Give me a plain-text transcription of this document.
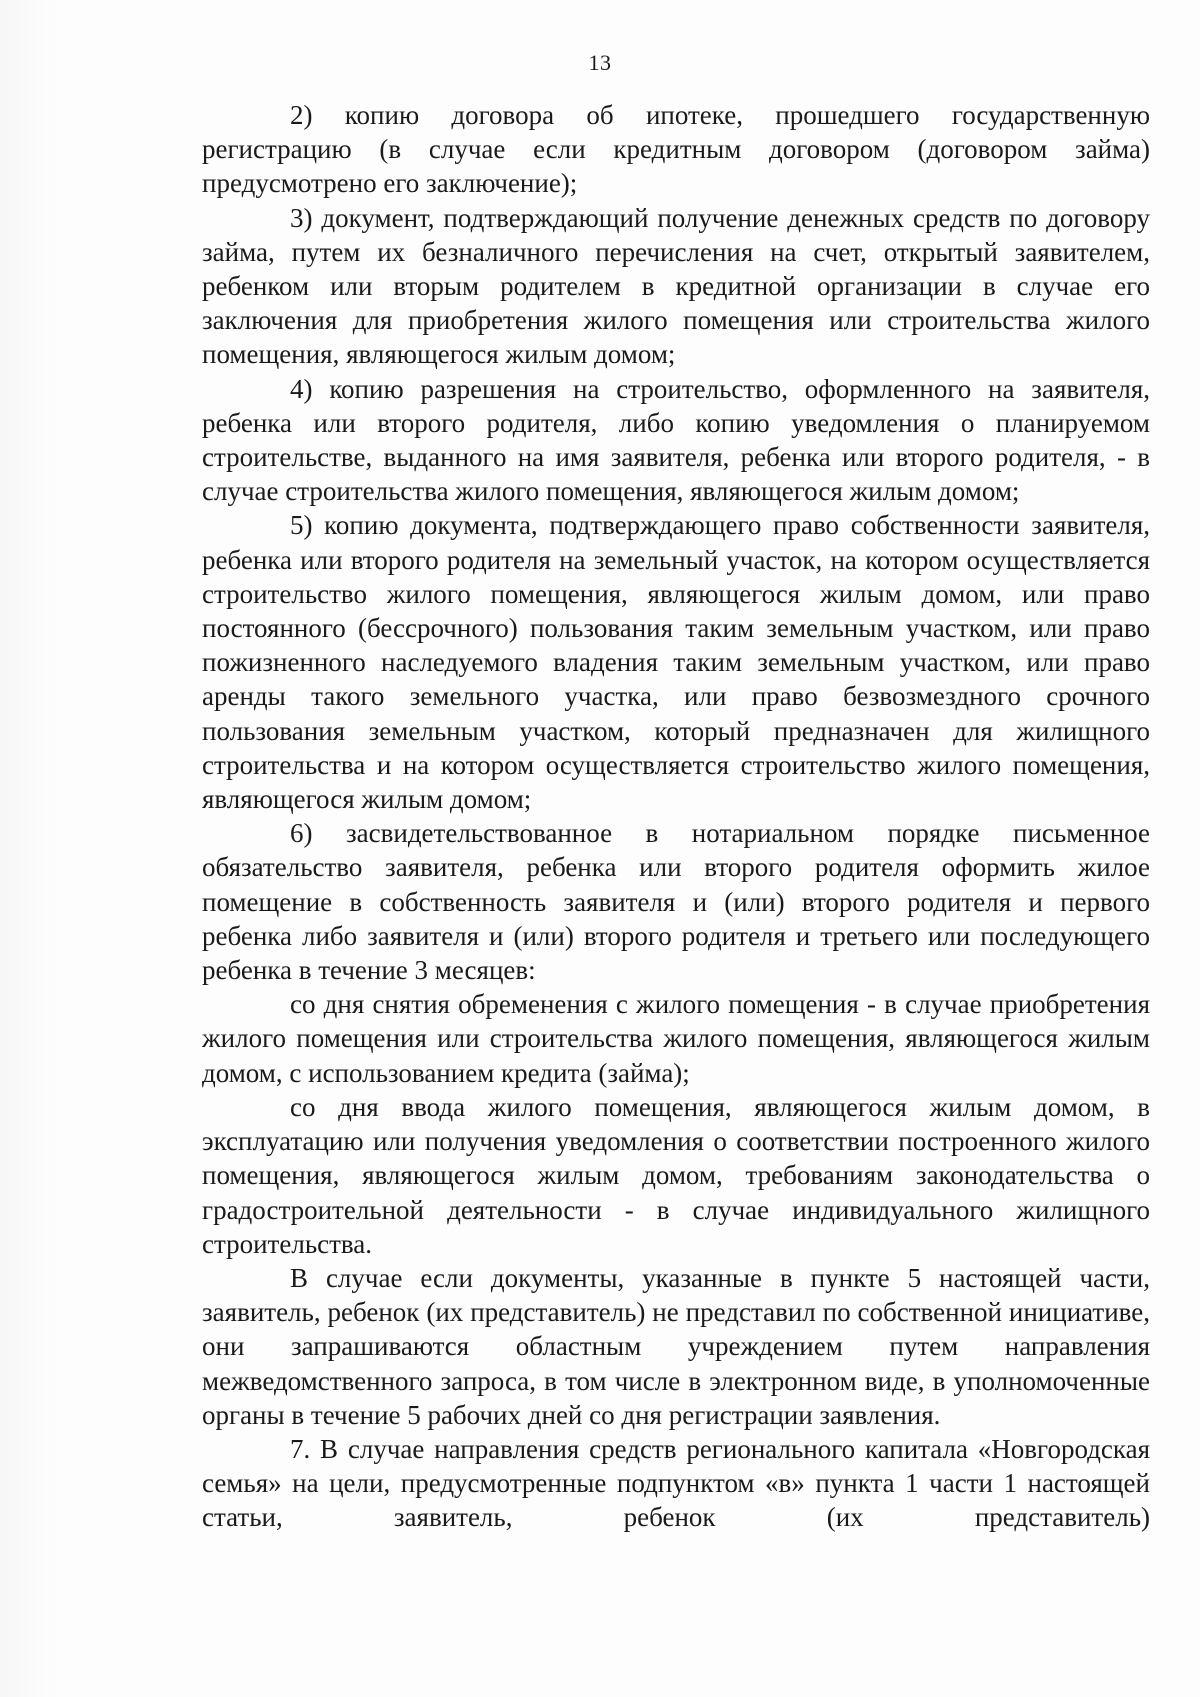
13

2) копию договора об ипотеке, прошедшего государственную регистрацию (в случае если кредитным договором (договором займа) предусмотрено его заключение);

3) документ, подтверждающий получение денежных средств по договору займа, путем их безналичного перечисления на счет, открытый заявителем, ребенком или вторым родителем в кредитной организации в случае его заключения для приобретения жилого помещения или строительства жилого помещения, являющегося жилым домом;

4) копию разрешения на строительство, оформленного на заявителя, ребенка или второго родителя, либо копию уведомления о планируемом строительстве, выданного на имя заявителя, ребенка или второго родителя, - в случае строительства жилого помещения, являющегося жилым домом;

5) копию документа, подтверждающего право собственности заявителя, ребенка или второго родителя на земельный участок, на котором осуществляется строительство жилого помещения, являющегося жилым домом, или право постоянного (бессрочного) пользования таким земельным участком, или право пожизненного наследуемого владения таким земельным участком, или право аренды такого земельного участка, или право безвозмездного срочного пользования земельным участком, который предназначен для жилищного строительства и на котором осуществляется строительство жилого помещения, являющегося жилым домом;

6) засвидетельствованное в нотариальном порядке письменное обязательство заявителя, ребенка или второго родителя оформить жилое помещение в собственность заявителя и (или) второго родителя и первого ребенка либо заявителя и (или) второго родителя и третьего или последующего ребенка в течение 3 месяцев:

со дня снятия обременения с жилого помещения - в случае приобретения жилого помещения или строительства жилого помещения, являющегося жилым домом, с использованием кредита (займа);

со дня ввода жилого помещения, являющегося жилым домом, в эксплуатацию или получения уведомления о соответствии построенного жилого помещения, являющегося жилым домом, требованиям законодательства о градостроительной деятельности - в случае индивидуального жилищного строительства.

В случае если документы, указанные в пункте 5 настоящей части, заявитель, ребенок (их представитель) не представил по собственной инициативе, они запрашиваются областным учреждением путем направления межведомственного запроса, в том числе в электронном виде, в уполномоченные органы в течение 5 рабочих дней со дня регистрации заявления.

7. В случае направления средств регионального капитала «Новгородская семья» на цели, предусмотренные подпунктом «в» пункта 1 части 1 настоящей статьи, заявитель, ребенок (их представитель)
